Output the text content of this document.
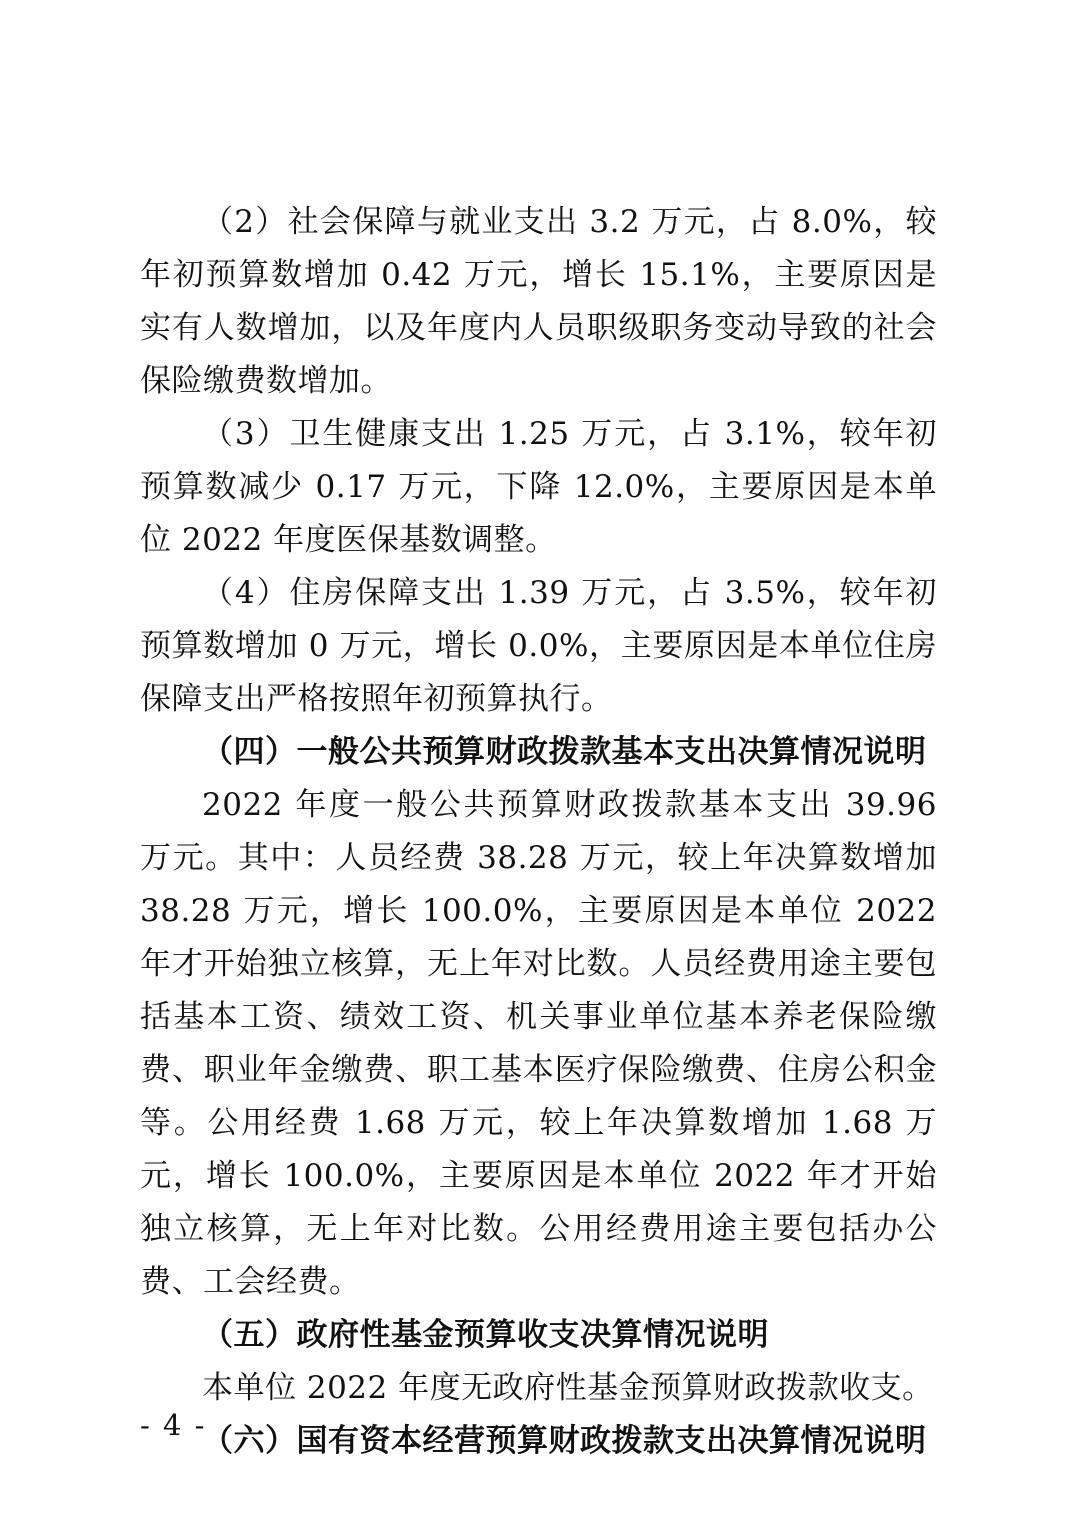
（2）社会保障与就业支出 3.2 万元，占 8.0%，较年初预算数增加 0.42 万元，增长 15.1%，主要原因是实有人数增加，以及年度内人员职级职务变动导致的社会保险缴费数增加。

（3）卫生健康支出 1.25 万元，占 3.1%，较年初预算数减少 0.17 万元，下降 12.0%，主要原因是本单位 2022 年度医保基数调整。

（4）住房保障支出 1.39 万元，占 3.5%，较年初预算数增加 0 万元，增长 0.0%，主要原因是本单位住房保障支出严格按照年初预算执行。

（四）一般公共预算财政拨款基本支出决算情况说明

2022 年度一般公共预算财政拨款基本支出 39.96 万元。其中：人员经费 38.28 万元，较上年决算数增加 38.28 万元，增长 100.0%，主要原因是本单位 2022 年才开始独立核算，无上年对比数。人员经费用途主要包括基本工资、绩效工资、机关事业单位基本养老保险缴费、职业年金缴费、职工基本医疗保险缴费、住房公积金等。公用经费 1.68 万元，较上年决算数增加 1.68 万元，增长 100.0%，主要原因是本单位 2022 年才开始独立核算，无上年对比数。公用经费用途主要包括办公费、工会经费。

（五）政府性基金预算收支决算情况说明

本单位 2022 年度无政府性基金预算财政拨款收支。

（六）国有资本经营预算财政拨款支出决算情况说明

- 4 -
